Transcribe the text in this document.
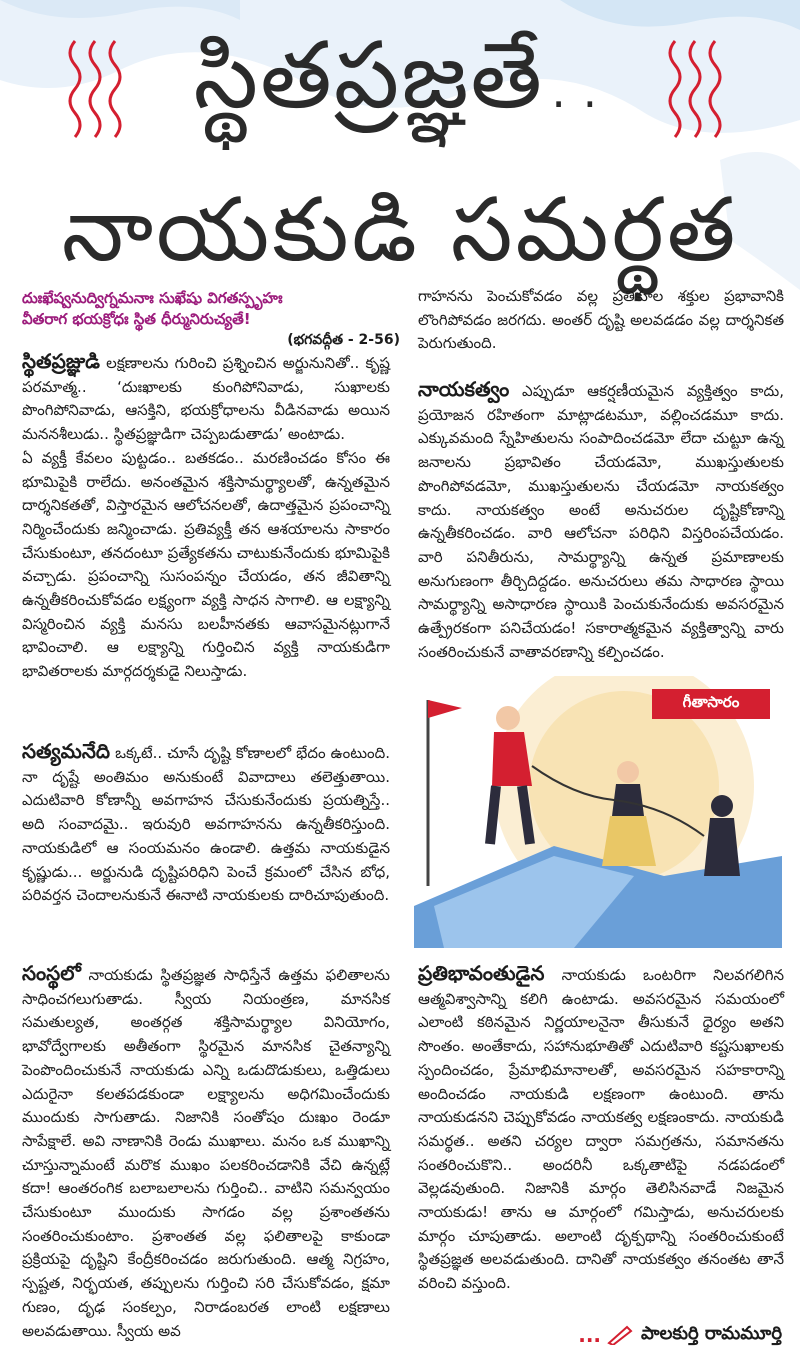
స్థితప్రజ్ఞతే..
నాయకుడి సమర్థత
దుఃఖేష్వనుద్విగ్నమనాః సుఖేషు విగతస్పృహః
వీతరాగ భయక్రోధః స్థిత ధీర్మునిరుచ్యతే!
(భగవద్గీత - 2-56)

స్థితప్రజ్ఞుడి లక్షణాలను గురించి ప్రశ్నించిన అర్జునునితో.. కృష్ణ పరమాత్మ.. ‘దుఃఖాలకు కుంగిపోనివాడు, సుఖాలకు పొంగిపోనివాడు, ఆసక్తిని, భయక్రోధాలను వీడినవాడు అయిన మననశీలుడు.. స్థితప్రజ్ఞుడిగా చెప్పబడుతాడు’ అంటాడు.

ఏ వ్యక్తీ కేవలం పుట్టడం.. బతకడం.. మరణించడం కోసం ఈ భూమిపైకి రాలేదు. అనంతమైన శక్తిసామర్థ్యాలతో, ఉన్నతమైన దార్శనికతతో, విస్తారమైన ఆలోచనలతో, ఉదాత్తమైన ప్రపంచాన్ని నిర్మించేందుకు జన్మించాడు. ప్రతివ్యక్తీ తన ఆశయాలను సాకారం చేసుకుంటూ, తనదంటూ ప్రత్యేకతను చాటుకునేందుకు భూమిపైకి వచ్చాడు. ప్రపంచాన్ని సుసంపన్నం చేయడం, తన జీవితాన్ని ఉన్నతీకరించుకోవడం లక్ష్యంగా వ్యక్తి సాధన సాగాలి. ఆ లక్ష్యాన్ని విస్మరించిన వ్యక్తి మనసు బలహీనతకు ఆవాసమైనట్లుగానే భావించాలి. ఆ లక్ష్యాన్ని గుర్తించిన వ్యక్తి నాయకుడిగా భావితరాలకు మార్గదర్శకుడై నిలుస్తాడు.

సత్యమనేది ఒక్కటే.. చూసే దృష్టి కోణాలలో భేదం ఉంటుంది. నా దృష్టే అంతిమం అనుకుంటే వివాదాలు తలెత్తుతాయి. ఎదుటివారి కోణాన్నీ అవగాహన చేసుకునేందుకు ప్రయత్నిస్తే.. అది సంవాదమై.. ఇరువురి అవగాహనను ఉన్నతీకరిస్తుంది. నాయకుడిలో ఆ సంయమనం ఉండాలి. ఉత్తమ నాయకుడైన కృష్ణుడు... అర్జునుడి దృష్టిపరిధిని పెంచే క్రమంలో చేసిన బోధ, పరివర్తన చెందాలనుకునే ఈనాటి నాయకులకు దారిచూపుతుంది.

సంస్థలో నాయకుడు స్థితప్రజ్ఞత సాధిస్తేనే ఉత్తమ ఫలితాలను సాధించగలుగుతాడు. స్వీయ నియంత్రణ, మానసిక సమతుల్యత, అంతర్గత శక్తిసామర్థ్యాల వినియోగం, భావోద్వేగాలకు అతీతంగా స్థిరమైన మానసిక చైతన్యాన్ని పెంపొందించుకునే నాయకుడు ఎన్ని ఒడుదొడుకులు, ఒత్తిడులు ఎదురైనా కలతపడకుండా లక్ష్యాలను అధిగమించేందుకు ముందుకు సాగుతాడు. నిజానికి సంతోషం దుఃఖం రెండూ సాపేక్షాలే. అవి నాణానికి రెండు ముఖాలు. మనం ఒక ముఖాన్ని చూస్తున్నామంటే మరొక ముఖం పలకరించడానికి వేచి ఉన్నట్లే కదా! ఆంతరంగిక బలాబలాలను గుర్తించి.. వాటిని సమన్వయం చేసుకుంటూ ముందుకు సాగడం వల్ల ప్రశాంతతను సంతరించుకుంటాం. ప్రశాంతత వల్ల ఫలితాలపై కాకుండా ప్రక్రియపై దృష్టిని కేంద్రీకరించడం జరుగుతుంది. ఆత్మ నిగ్రహం, స్పష్టత, నిర్భయత, తప్పులను గుర్తించి సరి చేసుకోవడం, క్షమా గుణం, దృఢ సంకల్పం, నిరాడంబరత లాంటి లక్షణాలు అలవడుతాయి. స్వీయ అవ

గాహనను పెంచుకోవడం వల్ల ప్రతికూల శక్తుల ప్రభావానికి లొంగిపోవడం జరగదు. అంతర్ దృష్టి అలవడడం వల్ల దార్శనికత పెరుగుతుంది.

నాయకత్వం ఎప్పుడూ ఆకర్షణీయమైన వ్యక్తిత్వం కాదు, ప్రయోజన రహితంగా మాట్లాడటమూ, వల్లించడమూ కాదు. ఎక్కువమంది స్నేహితులను సంపాదించడమో లేదా చుట్టూ ఉన్న జనాలను ప్రభావితం చేయడమో, ముఖస్తుతులకు పొంగిపోవడమో, ముఖస్తుతులను చేయడమో నాయకత్వం కాదు. నాయకత్వం అంటే అనుచరుల దృష్టికోణాన్ని ఉన్నతీకరించడం. వారి ఆలోచనా పరిధిని విస్తరింపచేయడం. వారి పనితీరును, సామర్థ్యాన్ని ఉన్నత ప్రమాణాలకు అనుగుణంగా తీర్చిదిద్దడం. అనుచరులు తమ సాధారణ స్థాయి సామర్థ్యాన్ని అసాధారణ స్థాయికి పెంచుకునేందుకు అవసరమైన ఉత్ప్రేరకంగా పనిచేయడం! సకారాత్మకమైన వ్యక్తిత్వాన్ని వారు సంతరించుకునే వాతావరణాన్ని కల్పించడం.

గీతాసారం

ప్రతిభావంతుడైన నాయకుడు ఒంటరిగా నిలవగలిగిన ఆత్మవిశ్వాసాన్ని కలిగి ఉంటాడు. అవసరమైన సమయంలో ఎలాంటి కఠినమైన నిర్ణయాలనైనా తీసుకునే ధైర్యం అతని సొంతం. అంతేకాదు, సహానుభూతితో ఎదుటివారి కష్టసుఖాలకు స్పందించడం, ప్రేమాభిమానాలతో, అవసరమైన సహకారాన్ని అందించడం నాయకుడి లక్షణంగా ఉంటుంది. తాను నాయకుడనని చెప్పుకోవడం నాయకత్వ లక్షణంకాదు. నాయకుడి సమర్థత.. అతని చర్యల ద్వారా సమగ్రతను, సమానతను సంతరించుకొని.. అందరినీ ఒక్కతాటిపై నడపడంలో వెల్లడవుతుంది. నిజానికి మార్గం తెలిసినవాడే నిజమైన నాయకుడు! తాను ఆ మార్గంలో గమిస్తాడు, అనుచరులకు మార్గం చూపుతాడు. అలాంటి దృక్పథాన్ని సంతరించుకుంటే స్థితప్రజ్ఞత అలవడుతుంది. దానితో నాయకత్వం తనంతట తానే వరించి వస్తుంది.

... పాలకుర్తి రామమూర్తి
